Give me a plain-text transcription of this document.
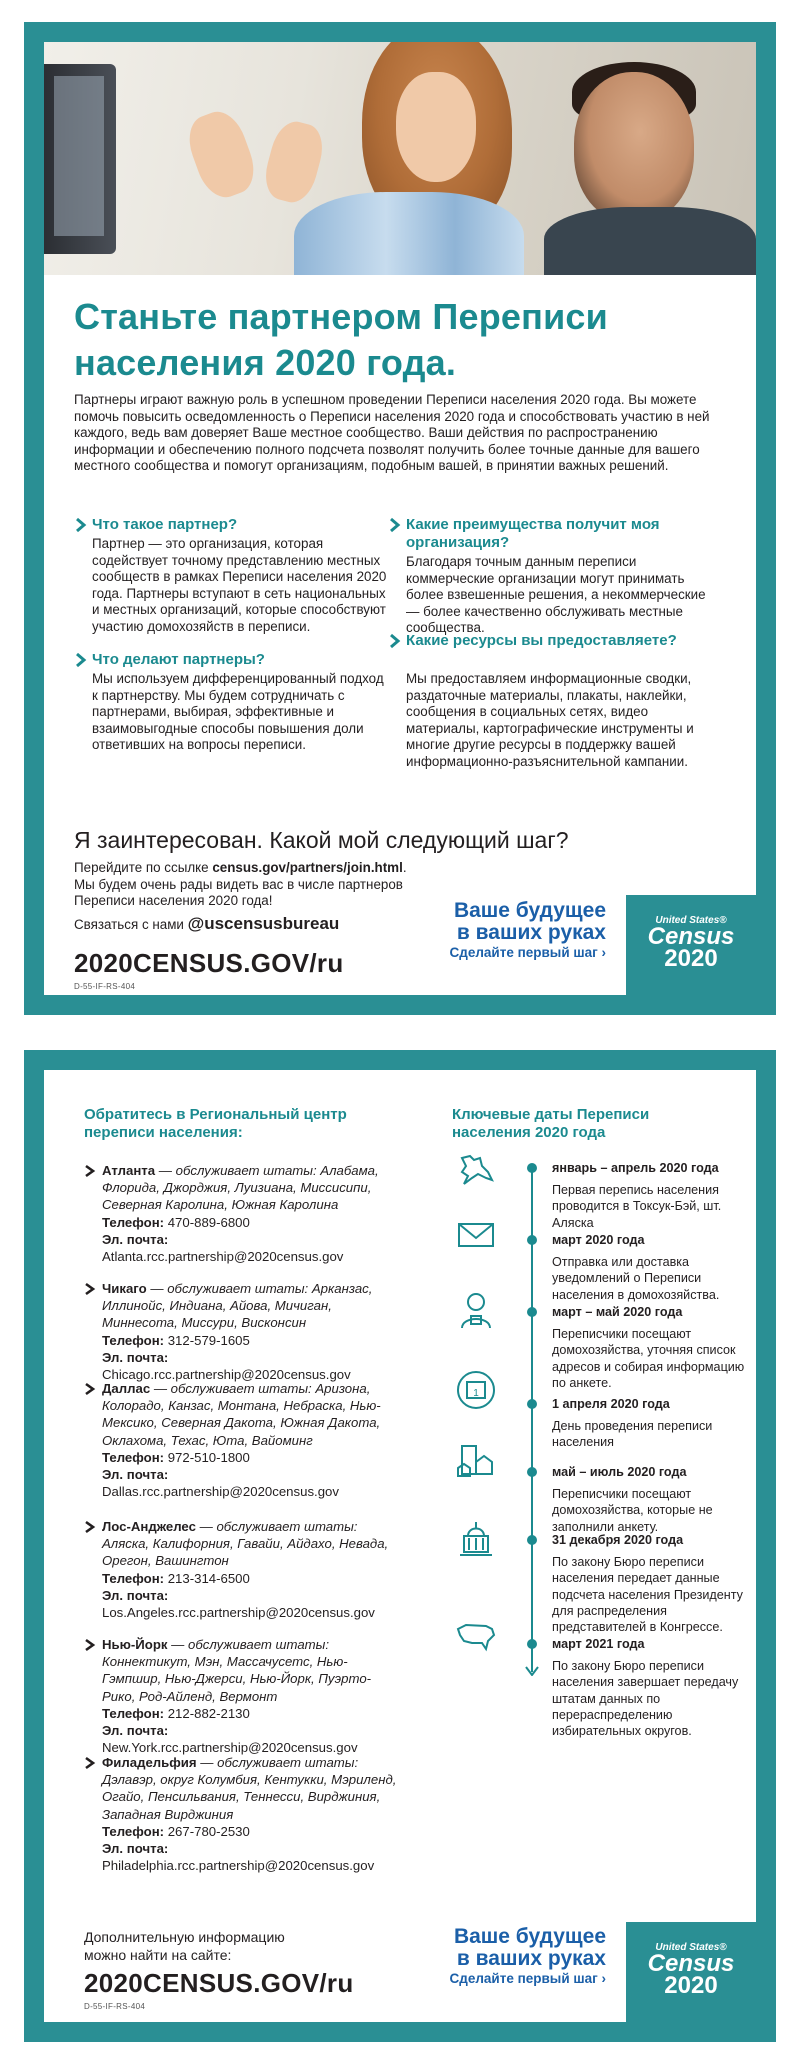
Станьте партнером Переписи населения 2020 года.
Партнеры играют важную роль в успешном проведении Переписи населения 2020 года. Вы можете помочь повысить осведомленность о Переписи населения 2020 года и способствовать участию в ней каждого, ведь вам доверяет Ваше местное сообщество. Ваши действия по распространению информации и обеспечению полного подсчета позволят получить более точные данные для вашего местного сообщества и помогут организациям, подобным вашей, в принятии важных решений.
Что такое партнер?
Партнер — это организация, которая содействует точному представлению местных сообществ в рамках Переписи населения 2020 года. Партнеры вступают в сеть национальных и местных организаций, которые способствуют участию домохозяйств в переписи.
Что делают партнеры?
Мы используем дифференцированный подход к партнерству. Мы будем сотрудничать с партнерами, выбирая, эффективные и взаимовыгодные способы повышения доли ответивших на вопросы переписи.
Какие преимущества получит моя организация?
Благодаря точным данным переписи коммерческие организации могут принимать более взвешенные решения, а некоммерческие — более качественно обслуживать местные сообщества.
Какие ресурсы вы предоставляете?
Мы предоставляем информационные сводки, раздаточные материалы, плакаты, наклейки, сообщения в социальных сетях, видео материалы, картографические инструменты и многие другие ресурсы в поддержку вашей информационно-разъяснительной кампании.
Я заинтересован. Какой мой следующий шаг?
Перейдите по ссылке census.gov/partners/join.html.
Мы будем очень рады видеть вас в числе партнеров Переписи населения 2020 года!
Связаться с нами @uscensusbureau
2020CENSUS.GOV/ru
D-55-IF-RS-404
Ваше будущее
в ваших руках
Сделайте первый шаг ›
United States®
Census
2020
Обратитесь в Региональный центр переписи населения:
Ключевые даты Переписи населения 2020 года
Атланта — обслуживает штаты: Алабама, Флорида, Джорджия, Луизиана, Миссисипи, Северная Каролина, Южная Каролина
Телефон: 470-889-6800
Эл. почта: Atlanta.rcc.partnership@2020census.gov
Чикаго — обслуживает штаты: Арканзас, Иллинойс, Индиана, Айова, Мичиган, Миннесота, Миссури, Висконсин
Телефон: 312-579-1605
Эл. почта: Chicago.rcc.partnership@2020census.gov
Даллас — обслуживает штаты: Аризона, Колорадо, Канзас, Монтана, Небраска, Нью-Мексико, Северная Дакота, Южная Дакота, Оклахома, Техас, Юта, Вайоминг
Телефон: 972-510-1800
Эл. почта: Dallas.rcc.partnership@2020census.gov
Лос-Анджелес — обслуживает штаты: Аляска, Калифорния, Гавайи, Айдахо, Невада, Орегон, Вашингтон
Телефон: 213-314-6500
Эл. почта: Los.Angeles.rcc.partnership@2020census.gov
Нью-Йорк — обслуживает штаты: Коннектикут, Мэн, Массачусетс, Нью-Гэмпшир, Нью-Джерси, Нью-Йорк, Пуэрто-Рико, Род-Айленд, Вермонт
Телефон: 212-882-2130
Эл. почта: New.York.rcc.partnership@2020census.gov
Филадельфия — обслуживает штаты: Дэлавэр, округ Колумбия, Кентукки, Мэриленд, Огайо, Пенсильвания, Теннесси, Вирджиния, Западная Вирджиния
Телефон: 267-780-2530
Эл. почта: Philadelphia.rcc.partnership@2020census.gov
январь – апрель 2020 года
Первая перепись населения проводится в Токсук-Бэй, шт. Аляска
март 2020 года
Отправка или доставка уведомлений о Переписи населения в домохозяйства.
март – май 2020 года
Переписчики посещают домохозяйства, уточняя список адресов и собирая информацию по анкете.
1
1 апреля 2020 года
День проведения переписи населения
май – июль 2020 года
Переписчики посещают домохозяйства, которые не заполнили анкету.
31 декабря 2020 года
По закону Бюро переписи населения передает данные подсчета населения Президенту для распределения представителей в Конгрессе.
март 2021 года
По закону Бюро переписи населения завершает передачу штатам данных по перераспределению избирательных округов.
Дополнительную информацию можно найти на сайте:
2020CENSUS.GOV/ru
D-55-IF-RS-404
Ваше будущее
в ваших руках
Сделайте первый шаг ›
United States®
Census
2020
